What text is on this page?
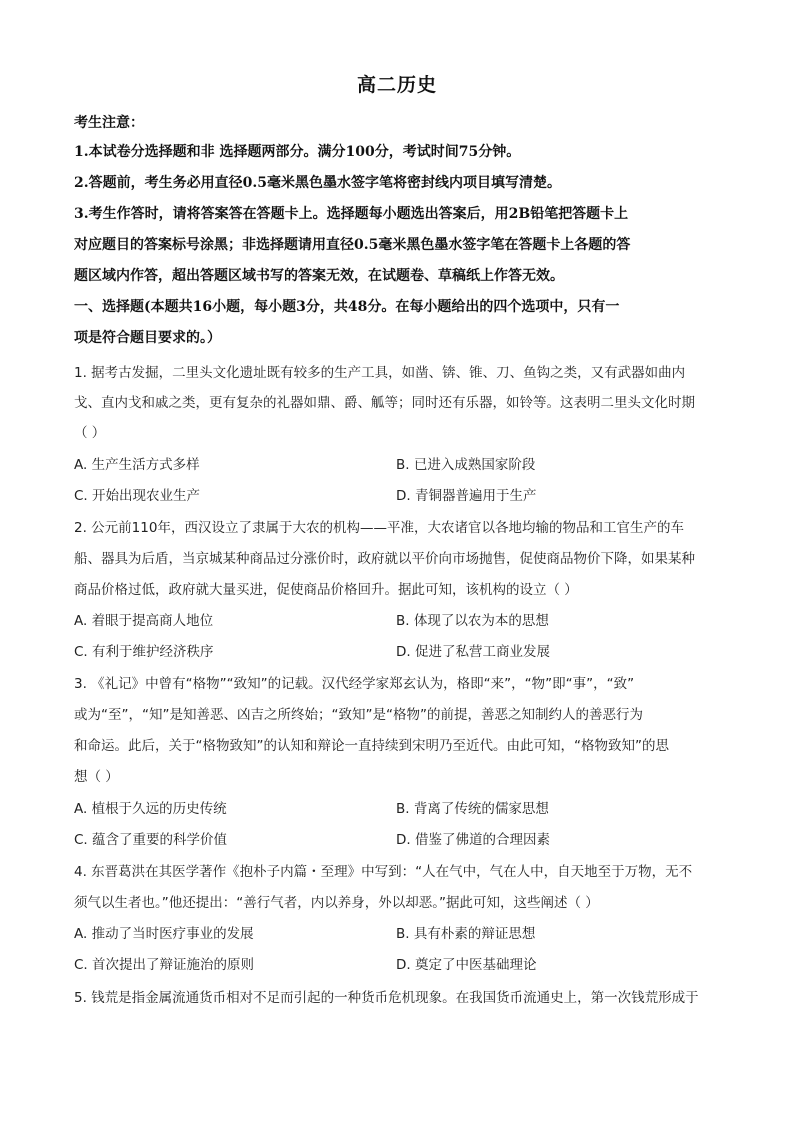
高二历史
考生注意：
1.本试卷分选择题和非 选择题两部分。满分100分，考试时间75分钟。
2.答题前，考生务必用直径0.5毫米黑色墨水签字笔将密封线内项目填写清楚。
3.考生作答时，请将答案答在答题卡上。选择题每小题选出答案后，用2B铅笔把答题卡上
对应题目的答案标号涂黑；非选择题请用直径0.5毫米黑色墨水签字笔在答题卡上各题的答
题区域内作答，超出答题区域书写的答案无效，在试题卷、草稿纸上作答无效。
一、选择题(本题共16小题，每小题3分，共48分。在每小题给出的四个选项中，只有一
项是符合题目要求的。）
1. 据考古发掘，二里头文化遗址既有较多的生产工具，如凿、锛、锥、刀、鱼钩之类，又有武器如曲内
戈、直内戈和戚之类，更有复杂的礼器如鼎、爵、觚等；同时还有乐器，如铃等。这表明二里头文化时期
（ ）
A. 生产生活方式多样	B. 已进入成熟国家阶段
C. 开始出现农业生产	D. 青铜器普遍用于生产
2. 公元前110年，西汉设立了隶属于大农的机构——平准，大农诸官以各地均输的物品和工官生产的车
船、器具为后盾，当京城某种商品过分涨价时，政府就以平价向市场抛售，促使商品物价下降，如果某种
商品价格过低，政府就大量买进，促使商品价格回升。据此可知，该机构的设立（ ）
A. 着眼于提高商人地位	B. 体现了以农为本的思想
C. 有利于维护经济秩序	D. 促进了私营工商业发展
3. 《礼记》中曾有“格物”“致知”的记载。汉代经学家郑玄认为，格即“来”，“物”即“事”，“致”
或为“至”，“知”是知善恶、凶吉之所终始；“致知”是“格物”的前提，善恶之知制约人的善恶行为
和命运。此后，关于“格物致知”的认知和辩论一直持续到宋明乃至近代。由此可知，“格物致知”的思
想（ ）
A. 植根于久远的历史传统	B. 背离了传统的儒家思想
C. 蕴含了重要的科学价值	D. 借鉴了佛道的合理因素
4. 东晋葛洪在其医学著作《抱朴子内篇・至理》中写到：“人在气中，气在人中，自天地至于万物，无不
须气以生者也。”他还提出：“善行气者，内以养身，外以却恶。”据此可知，这些阐述（ ）
A. 推动了当时医疗事业的发展	B. 具有朴素的辩证思想
C. 首次提出了辩证施治的原则	D. 奠定了中医基础理论
5. 钱荒是指金属流通货币相对不足而引起的一种货币危机现象。在我国货币流通史上，第一次钱荒形成于
